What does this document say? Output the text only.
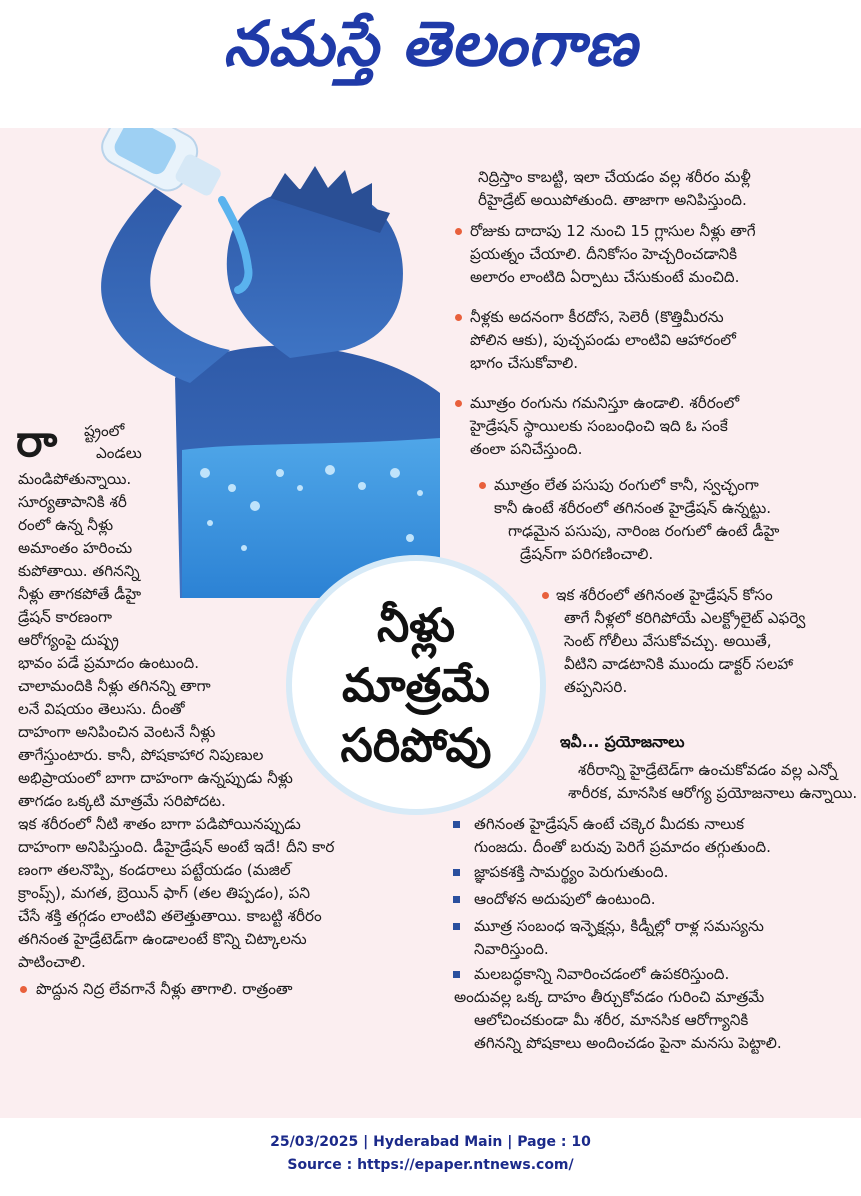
నమస్తే తెలంగాణ
నీళ్లు
మాత్రమే
సరిపోవు
నిద్రిస్తాం కాబట్టి, ఇలా చేయడం వల్ల శరీరం మళ్లీ
రీహైడ్రేట్ అయిపోతుంది. తాజాగా అనిపిస్తుంది.
రోజుకు దాదాపు 12 నుంచి 15 గ్లాసుల నీళ్లు తాగే
ప్రయత్నం చేయాలి. దీనికోసం హెచ్చరించడానికి
అలారం లాంటిది ఏర్పాటు చేసుకుంటే మంచిది.
నీళ్లకు అదనంగా కీరదోస, సెలెరీ (కొత్తిమీరను
పోలిన ఆకు), పుచ్చపండు లాంటివి ఆహారంలో
భాగం చేసుకోవాలి.
మూత్రం రంగును గమనిస్తూ ఉండాలి. శరీరంలో
హైడ్రేషన్ స్థాయిలకు సంబంధించి ఇది ఓ సంకే
తంలా పనిచేస్తుంది.
మూత్రం లేత పసుపు రంగులో కానీ, స్వచ్ఛంగా
కానీ ఉంటే శరీరంలో తగినంత హైడ్రేషన్ ఉన్నట్టు.
గాఢమైన పసుపు, నారింజ రంగులో ఉంటే డీహై
డ్రేషన్‌గా పరిగణించాలి.
ఇక శరీరంలో తగినంత హైడ్రేషన్ కోసం
తాగే నీళ్లలో కరిగిపోయే ఎలక్ట్రోలైట్ ఎఫర్వె
సెంట్ గోలీలు వేసుకోవచ్చు. అయితే,
వీటిని వాడటానికి ముందు డాక్టర్ సలహా
తప్పనిసరి.
ఇవీ... ప్రయోజనాలు
శరీరాన్ని హైడ్రేటెడ్‌గా ఉంచుకోవడం వల్ల ఎన్నో
శారీరక, మానసిక ఆరోగ్య ప్రయోజనాలు ఉన్నాయి.
తగినంత హైడ్రేషన్ ఉంటే చక్కెర మీదకు నాలుక
గుంజదు. దీంతో బరువు పెరిగే ప్రమాదం తగ్గుతుంది.
జ్ఞాపకశక్తి సామర్థ్యం పెరుగుతుంది.
ఆందోళన అదుపులో ఉంటుంది.
మూత్ర సంబంధ ఇన్ఫెక్షన్లు, కిడ్నీల్లో రాళ్ల సమస్యను
నివారిస్తుంది.
మలబద్ధకాన్ని నివారించడంలో ఉపకరిస్తుంది.
అందువల్ల ఒక్క దాహం తీర్చుకోవడం గురించి మాత్రమే
ఆలోచించకుండా మీ శరీర, మానసిక ఆరోగ్యానికి
తగినన్ని పోషకాలు అందించడం పైనా మనసు పెట్టాలి.
రా ష్ట్రంలో
ఎండలు
మండిపోతున్నాయి.
సూర్యతాపానికి శరీ
రంలో ఉన్న నీళ్లు
అమాంతం హరించు
కుపోతాయి. తగినన్ని
నీళ్లు తాగకపోతే డీహై
డ్రేషన్ కారణంగా
ఆరోగ్యంపై దుష్ప్ర
భావం పడే ప్రమాదం ఉంటుంది.
చాలామందికి నీళ్లు తగినన్ని తాగా
లనే విషయం తెలుసు. దీంతో
దాహంగా అనిపించిన వెంటనే నీళ్లు
తాగేస్తుంటారు. కానీ, పోషకాహార నిపుణుల
అభిప్రాయంలో బాగా దాహంగా ఉన్నప్పుడు నీళ్లు
తాగడం ఒక్కటి మాత్రమే సరిపోదట.
ఇక శరీరంలో నీటి శాతం బాగా పడిపోయినప్పుడు
దాహంగా అనిపిస్తుంది. డీహైడ్రేషన్ అంటే ఇదే! దీని కార
ణంగా తలనొప్పి, కండరాలు పట్టేయడం (మజిల్
క్రాంప్స్), మగత, బ్రెయిన్ ఫాగ్ (తల తిప్పడం), పని
చేసే శక్తి తగ్గడం లాంటివి తలెత్తుతాయి. కాబట్టి శరీరం
తగినంత హైడ్రేటెడ్‌గా ఉండాలంటే కొన్ని చిట్కాలను
పాటించాలి.
పొద్దున నిద్ర లేవగానే నీళ్లు తాగాలి. రాత్రంతా
25/03/2025 | Hyderabad Main | Page : 10
Source : https://epaper.ntnews.com/
